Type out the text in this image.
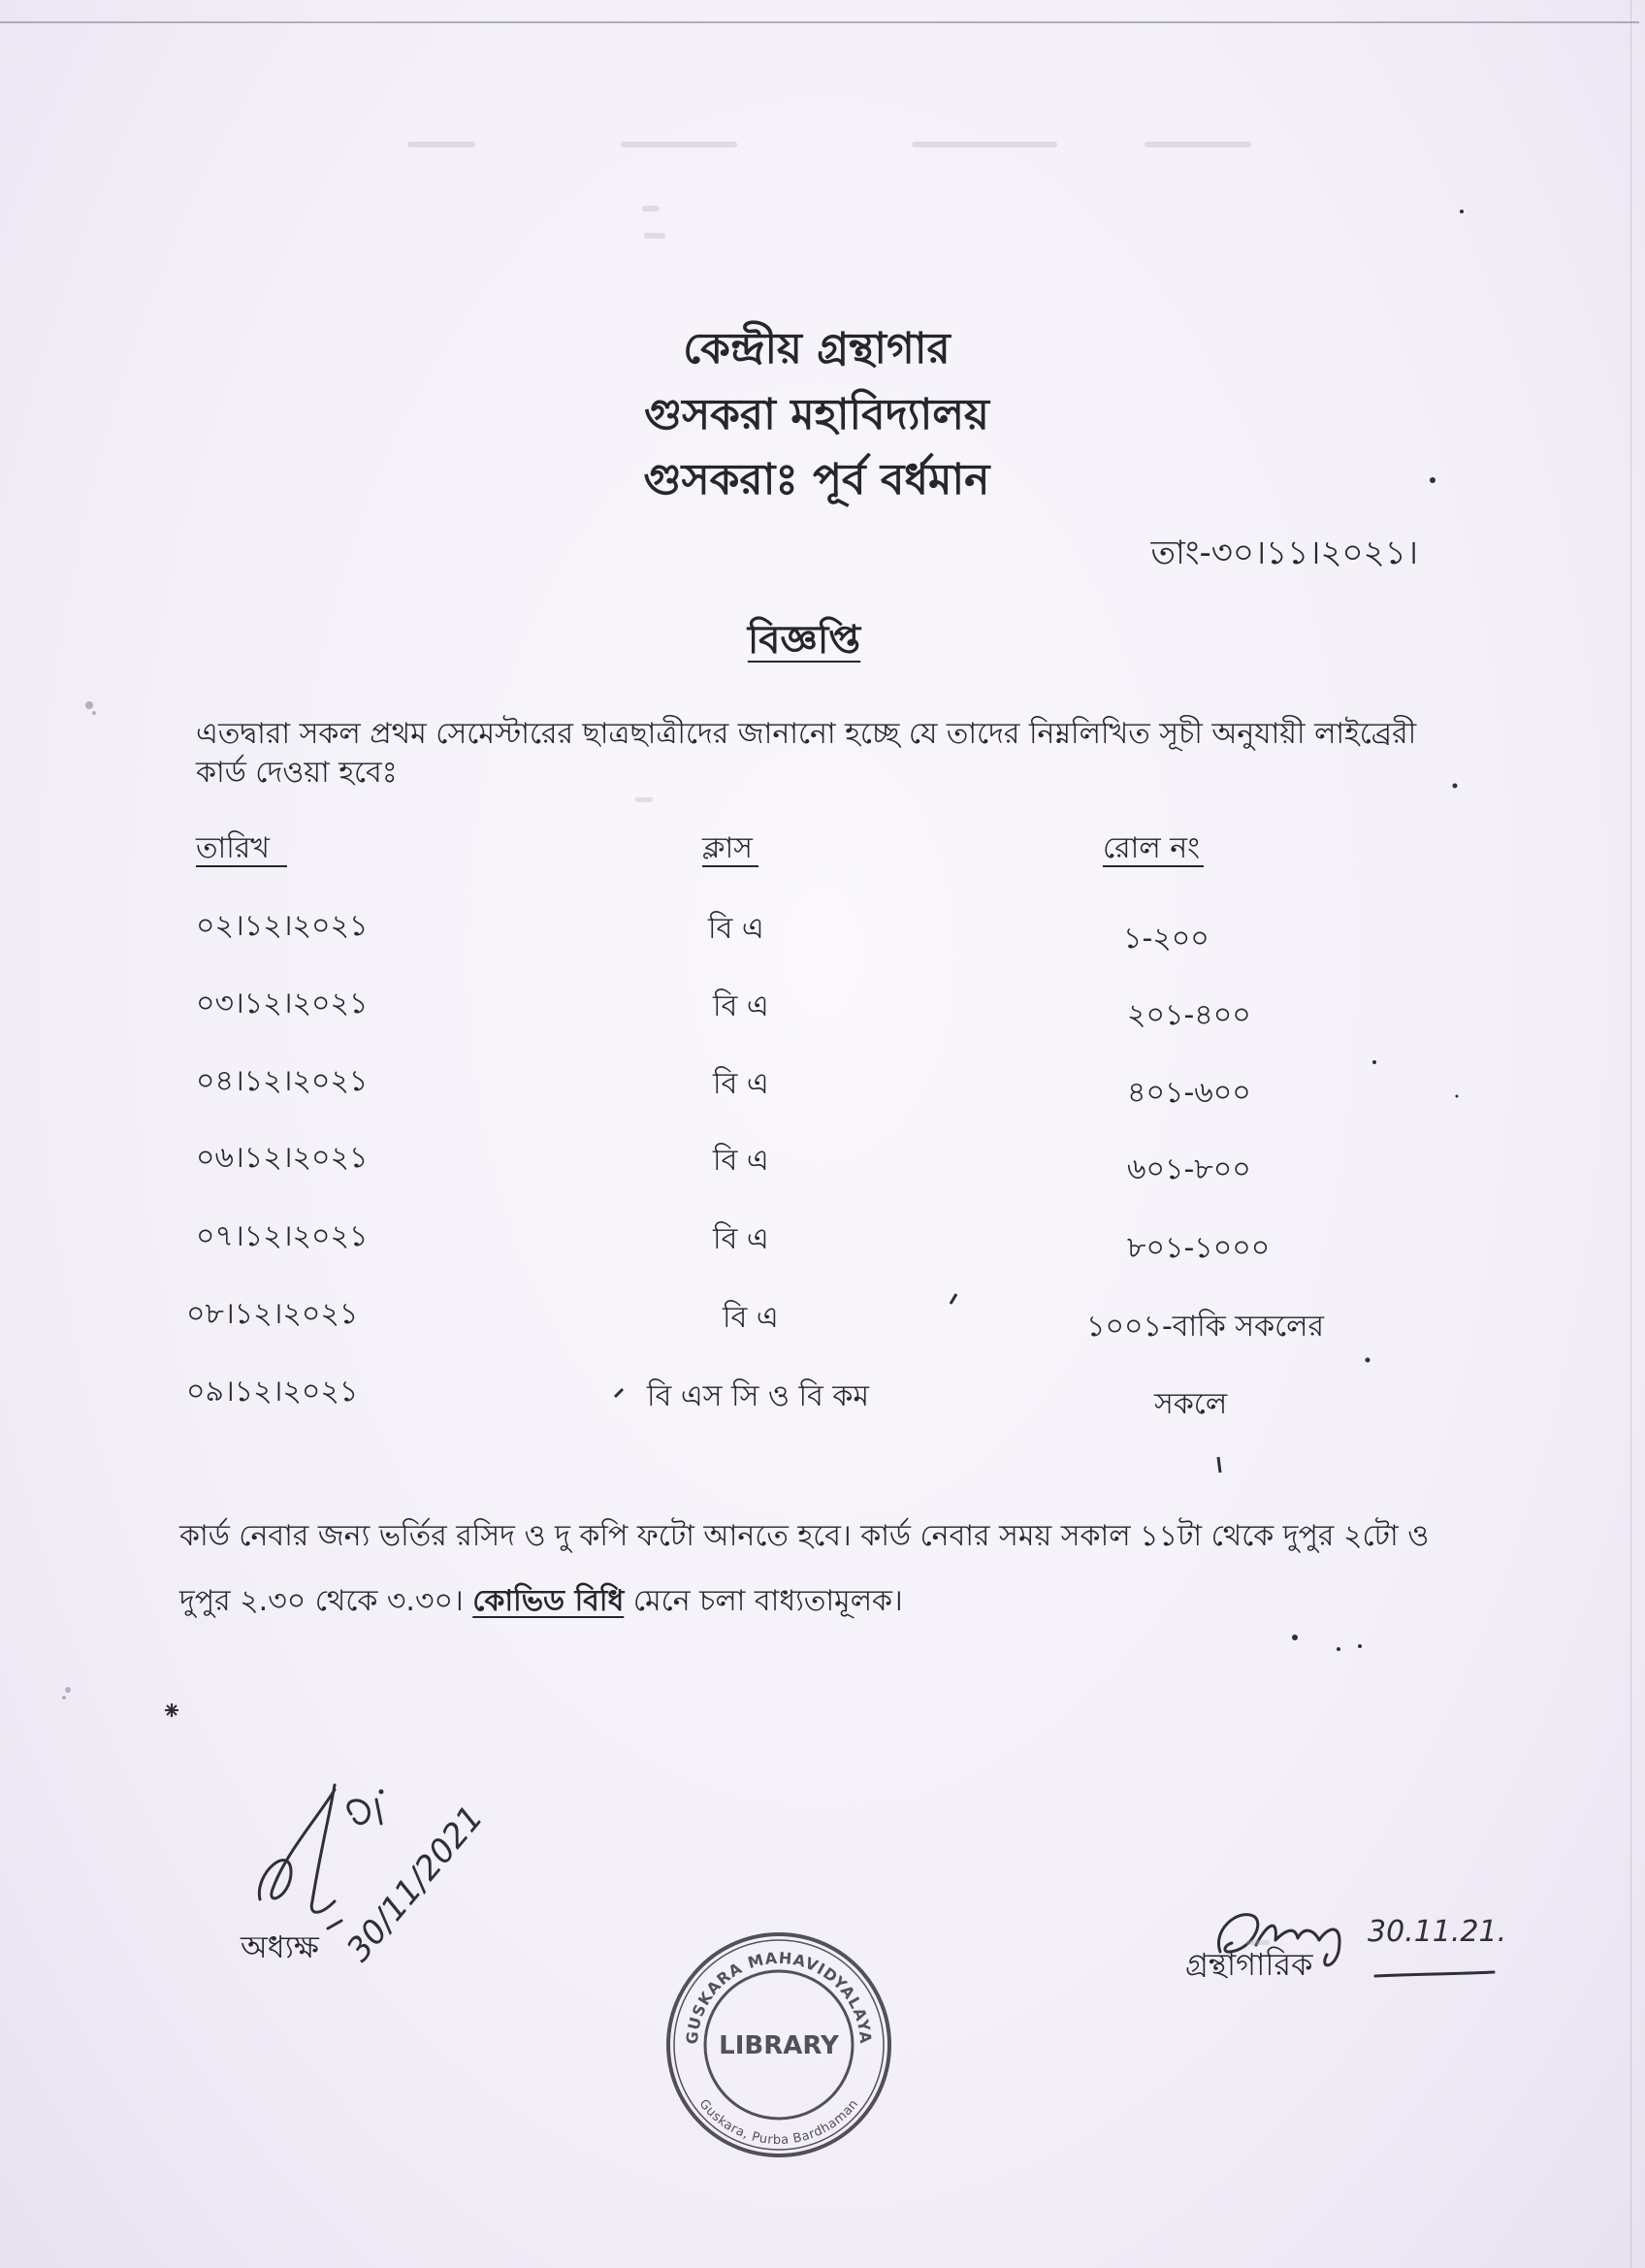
কেন্দ্রীয় গ্রন্থাগার
গুসকরা মহাবিদ্যালয়
গুসকরাঃ পূর্ব বর্ধমান
তাং-৩০।১১।২০২১।
বিজ্ঞপ্তি
এতদ্বারা সকল প্রথম সেমেস্টারের ছাত্রছাত্রীদের জানানো হচ্ছে যে তাদের নিম্নলিখিত সূচী অনুযায়ী লাইব্রেরী কার্ড দেওয়া হবেঃ
তারিখ	ক্লাস	রোল নং
০২।১২।২০২১	বি এ	১-২০০
০৩।১২।২০২১	বি এ	২০১-৪০০
০৪।১২।২০২১	বি এ	৪০১-৬০০
০৬।১২।২০২১	বি এ	৬০১-৮০০
০৭।১২।২০২১	বি এ	৮০১-১০০০
০৮।১২।২০২১	বি এ	১০০১-বাকি সকলের
০৯।১২।২০২১	বি এস সি ও বি কম	সকলে
কার্ড নেবার জন্য ভর্তির রসিদ ও দু কপি ফটো আনতে হবে। কার্ড নেবার সময় সকাল ১১টা থেকে দুপুর ২টো ও দুপুর ২.৩০ থেকে ৩.৩০। কোভিড বিধি মেনে চলা বাধ্যতামূলক।
30/11/2021
অধ্যক্ষ
GUSKARA MAHAVIDYALAYA
Guskara, Purba Bardhaman
LIBRARY
30.11.21.
গ্রন্থাগারিক
